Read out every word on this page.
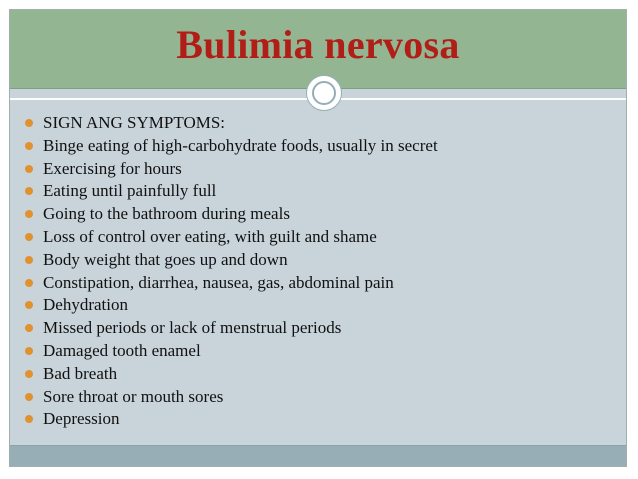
Bulimia nervosa
SIGN ANG SYMPTOMS:
Binge eating of high-carbohydrate foods, usually in secret
Exercising for hours
Eating until painfully full
Going to the bathroom during meals
Loss of control over eating, with guilt and shame
Body weight that goes up and down
Constipation, diarrhea, nausea, gas, abdominal pain
Dehydration
Missed periods or lack of menstrual periods
Damaged tooth enamel
Bad breath
Sore throat or mouth sores
Depression
